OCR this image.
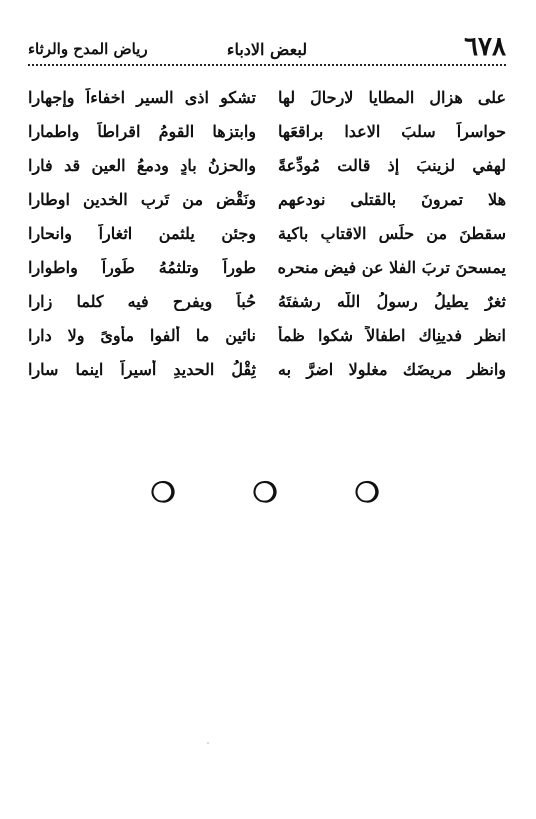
٦٧٨
لبعض الادباء
رياض المدح والرثاء
على هزال المطايا لارحالَ لها
تشكو اذى السير اخفاءاً وإجهارا
حواسراً سلبَ الاعدا براقعَها
وابتزها القومُ اقراطاً واطمارا
لهفي لزينبَ إذ قالت مُودِّعةً
والحزنُ بادٍ ودمعُ العينِ قد فارا
هلا تمرونَ بالقتلى نودعهم
ونَقْضِ من تَربِ الخدينِ اوطارا
سقطنَ من حلَسِ الاقتابِ باكية
وجئن يلثمن اثغاراً وانحارا
يمسحنَ تربَ الفلا عن فيضِ منحره
طوراً وتلثمُهُ طَوراً واطوارا
ثغرٌ يطيلُ رسولُ اللّه رشفتَهُ
حُباً ويفرح فيه كلما زارا
انظر فدينِاك اطفالاً شكوا ظمأً
نائين ما ألفوا مأوىً ولا دارا
وانظر مريضَك مغلولا اضرَّ به
ثِقْلُ الحديدِ أسيراً اينما سارا
❍	❍	❍
